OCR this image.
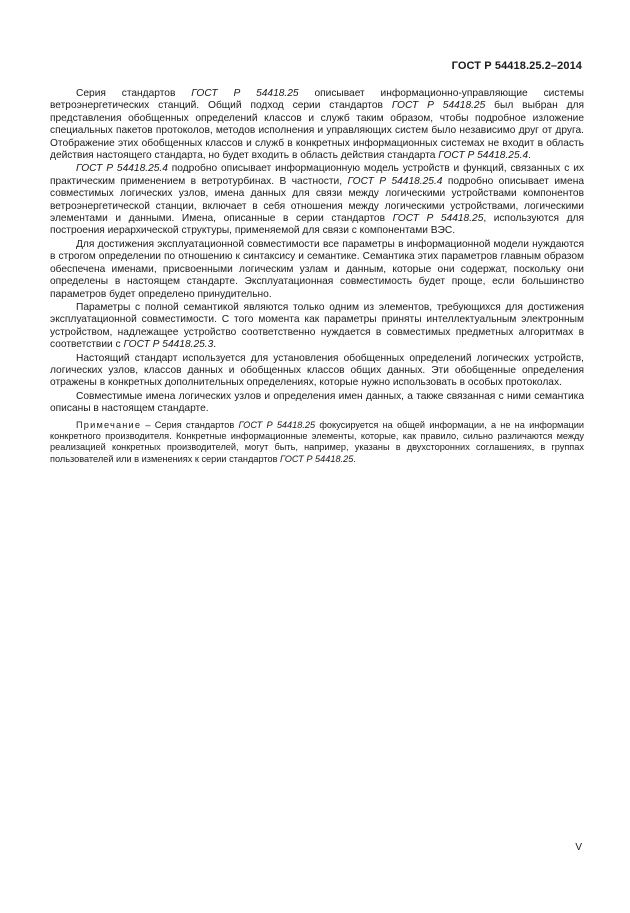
ГОСТ Р 54418.25.2–2014

Серия стандартов ГОСТ Р 54418.25 описывает информационно-управляющие системы ветроэнергетических станций. Общий подход серии стандартов ГОСТ Р 54418.25 был выбран для представления обобщенных определений классов и служб таким образом, чтобы подробное изложение специальных пакетов протоколов, методов исполнения и управляющих систем было независимо друг от друга. Отображение этих обобщенных классов и служб в конкретных информационных системах не входит в область действия настоящего стандарта, но будет входить в область действия стандарта ГОСТ Р 54418.25.4.

ГОСТ Р 54418.25.4 подробно описывает информационную модель устройств и функций, связанных с их практическим применением в ветротурбинах. В частности, ГОСТ Р 54418.25.4 подробно описывает имена совместимых логических узлов, имена данных для связи между логическими устройствами компонентов ветроэнергетической станции, включает в себя отношения между логическими устройствами, логическими элементами и данными. Имена, описанные в серии стандартов ГОСТ Р 54418.25, используются для построения иерархической структуры, применяемой для связи с компонентами ВЭС.

Для достижения эксплуатационной совместимости все параметры в информационной модели нуждаются в строгом определении по отношению к синтаксису и семантике. Семантика этих параметров главным образом обеспечена именами, присвоенными логическим узлам и данным, которые они содержат, поскольку они определены в настоящем стандарте. Эксплуатационная совместимость будет проще, если большинство параметров будет определено принудительно.

Параметры с полной семантикой являются только одним из элементов, требующихся для достижения эксплуатационной совместимости. С того момента как параметры приняты интеллектуальным электронным устройством, надлежащее устройство соответственно нуждается в совместимых предметных алгоритмах в соответствии с ГОСТ Р 54418.25.3.

Настоящий стандарт используется для установления обобщенных определений логических устройств, логических узлов, классов данных и обобщенных классов общих данных. Эти обобщенные определения отражены в конкретных дополнительных определениях, которые нужно использовать в особых протоколах.

Совместимые имена логических узлов и определения имен данных, а также связанная с ними семантика описаны в настоящем стандарте.

Примечание – Серия стандартов ГОСТ Р 54418.25 фокусируется на общей информации, а не на информации конкретного производителя. Конкретные информационные элементы, которые, как правило, сильно различаются между реализацией конкретных производителей, могут быть, например, указаны в двухсторонних соглашениях, в группах пользователей или в изменениях к серии стандартов ГОСТ Р 54418.25.

V
